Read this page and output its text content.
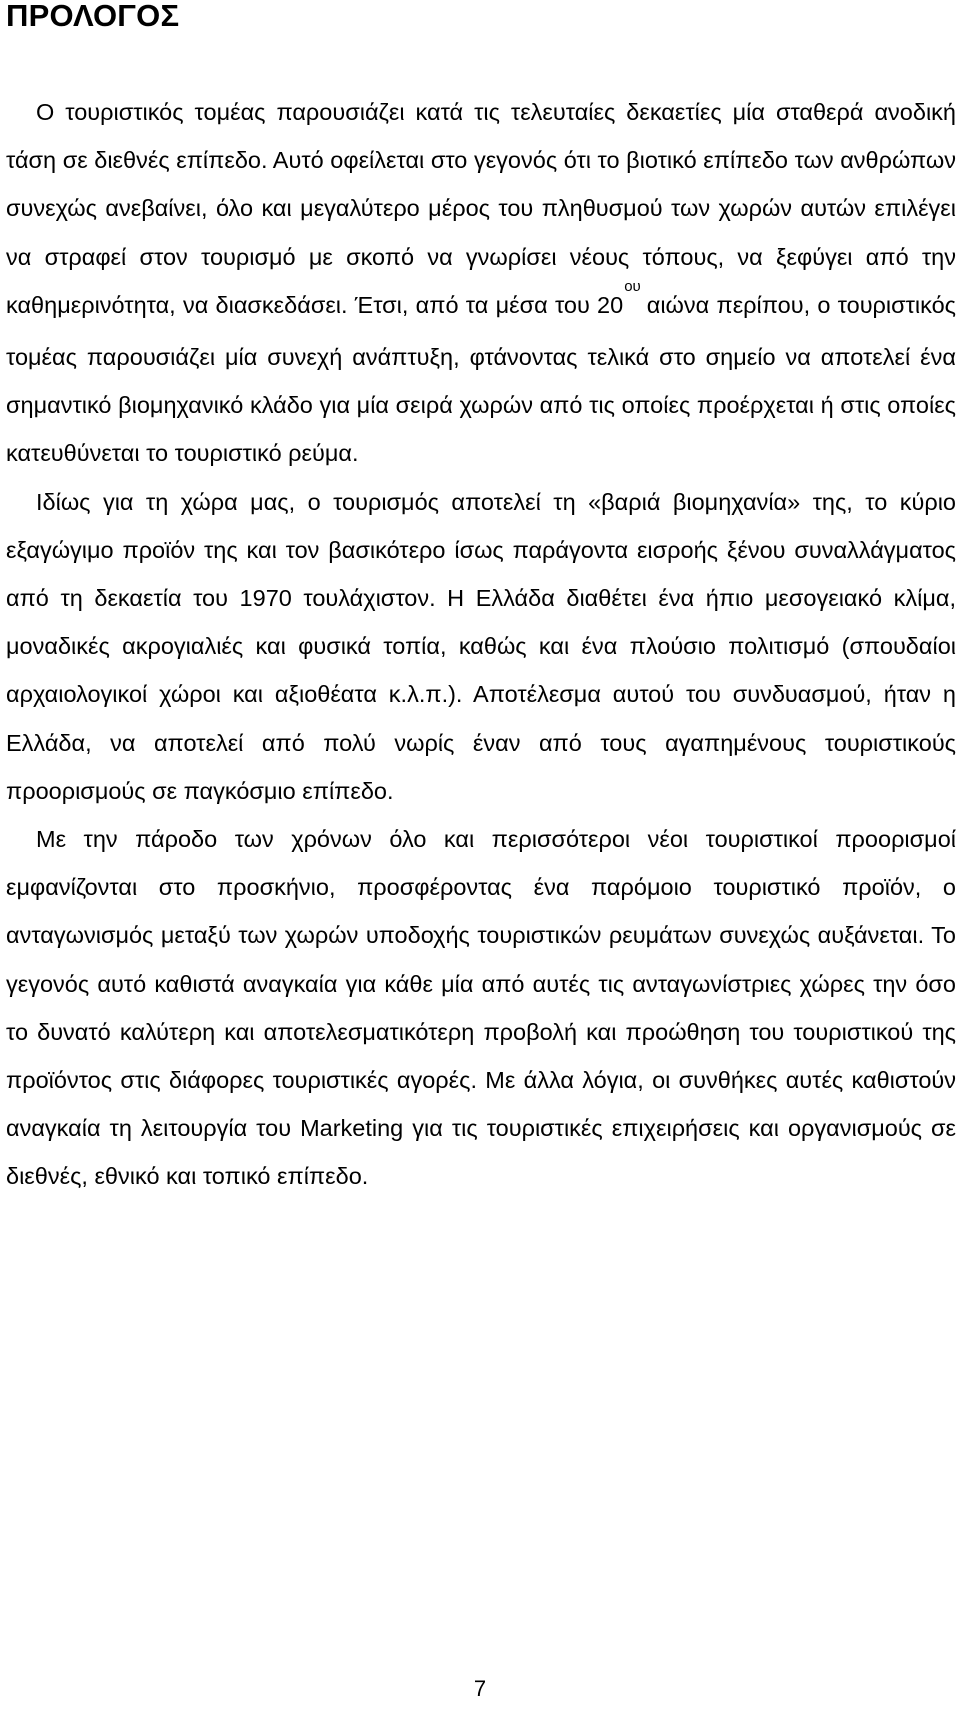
ΠΡΟΛΟΓΟΣ

Ο τουριστικός τομέας παρουσιάζει κατά τις τελευταίες δεκαετίες μία σταθερά ανοδική τάση σε διεθνές επίπεδο. Αυτό οφείλεται στο γεγονός ότι το βιοτικό επίπεδο των ανθρώπων συνεχώς ανεβαίνει, όλο και μεγαλύτερο μέρος του πληθυσμού των χωρών αυτών επιλέγει να στραφεί στον τουρισμό με σκοπό να γνωρίσει νέους τόπους, να ξεφύγει από την καθημερινότητα, να διασκεδάσει. Έτσι, από τα μέσα του $20^{o\upsilon}\alpha\iota ώ\nu\alpha$ περίπου, ο τουριστικός τομέας παρουσιάζει μία συνεχή ανάπτυξη, φτάνοντας τελικά στο σημείο να αποτελεί ένα σημαντικό βιομηχανικό κλάδο για μία σειρά χωρών από τις οποίες προέρχεται ή στις οποίες κατευθύνεται το τουριστικό ρεύμα.

Ιδίως για τη χώρα μας, ο τουρισμός αποτελεί τη «βαριά βιομηχανία» της, το κύριο εξαγώγιμο προϊόν της και τον βασικότερο ίσως παράγοντα εισροής ξένου συναλλάγματος από τη δεκαετία του 1970 τουλάχιστον. Η Ελλάδα διαθέτει ένα ήπιο μεσογειακό κλίμα, μοναδικές ακρογιαλιές και φυσικά τοπία, καθώς και ένα πλούσιο πολιτισμό (σπουδαίοι αρχαιολογικοί χώροι και αξιοθέατα κ.λ.π.). Αποτέλεσμα αυτού του συνδυασμού, ήταν η Ελλάδα, να αποτελεί από πολύ νωρίς έναν από τους αγαπημένους τουριστικούς προορισμούς σε παγκόσμιο επίπεδο.

Με την πάροδο των χρόνων όλο και περισσότεροι νέοι τουριστικοί προορισμοί εμφανίζονται στο προσκήνιο, προσφέροντας ένα παρόμοιο τουριστικό προϊόν, ο ανταγωνισμός μεταξύ των χωρών υποδοχής τουριστικών ρευμάτων συνεχώς αυξάνεται. Το γεγονός αυτό καθιστά αναγκαία για κάθε μία από αυτές τις ανταγωνίστριες χώρες την όσο το δυνατό καλύτερη και αποτελεσματικότερη προβολή και προώθηση του τουριστικού της προϊόντος στις διάφορες τουριστικές αγορές. Με άλλα λόγια, οι συνθήκες αυτές καθιστούν αναγκαία τη λειτουργία του Marketing για τις τουριστικές επιχειρήσεις και οργανισμούς σε διεθνές, εθνικό και τοπικό επίπεδο.

7
